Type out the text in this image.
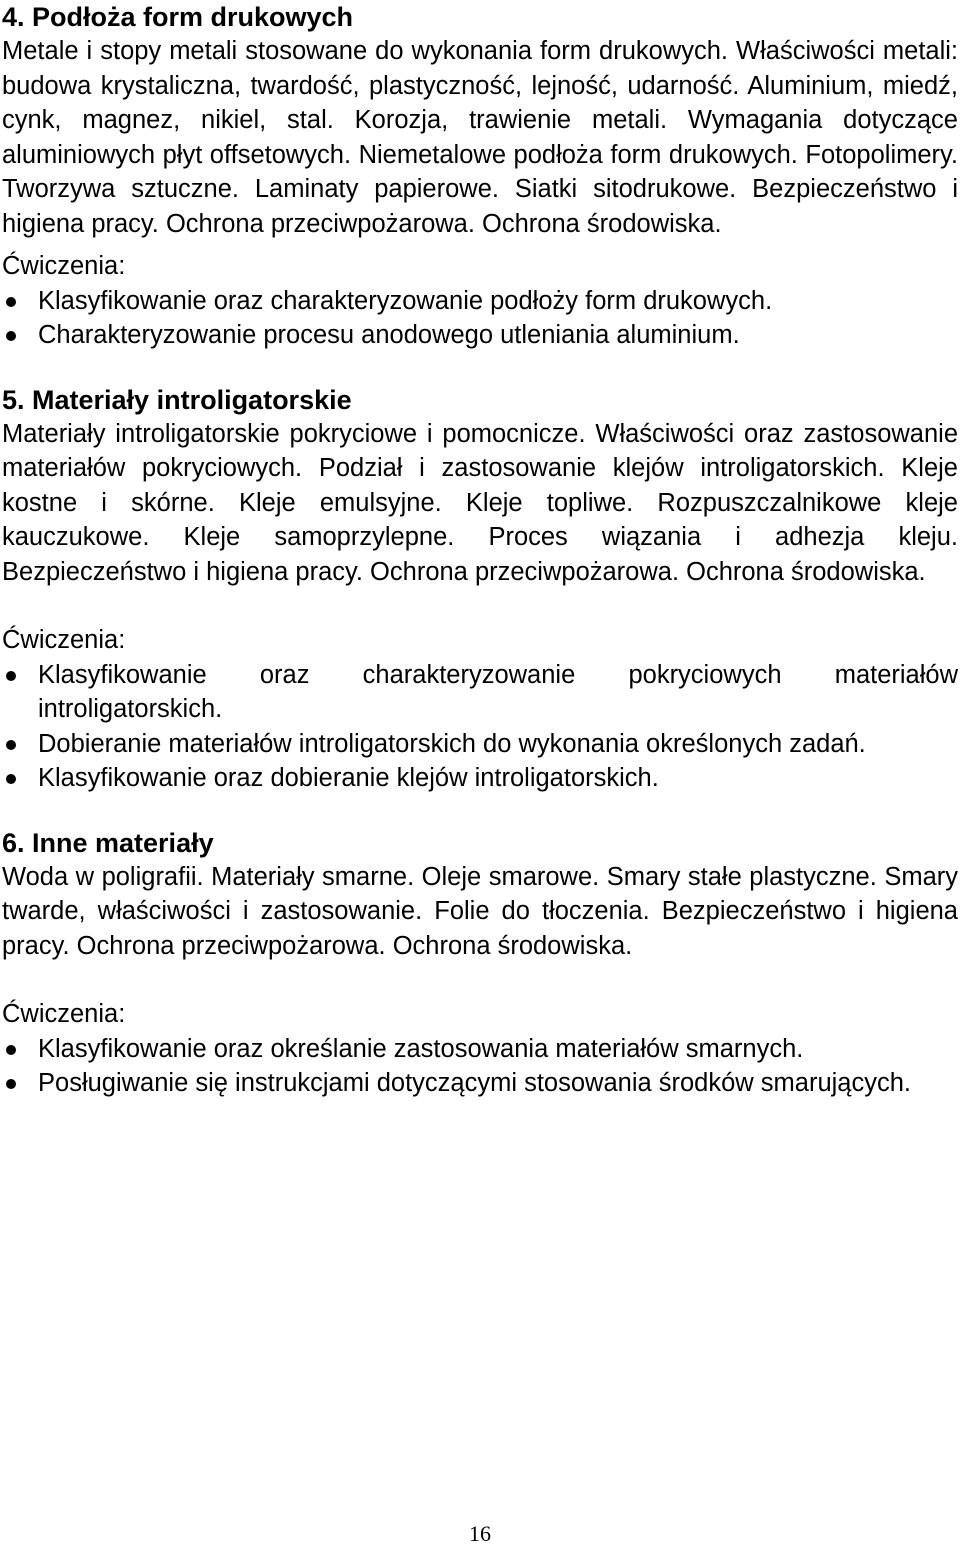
4. Podłoża form drukowych

Metale i stopy metali stosowane do wykonania form drukowych. Właściwości metali: budowa krystaliczna, twardość, plastyczność, lejność, udarność. Aluminium, miedź, cynk, magnez, nikiel, stal. Korozja, trawienie metali. Wymagania dotyczące aluminiowych płyt offsetowych. Niemetalowe podłoża form drukowych. Fotopolimery. Tworzywa sztuczne. Laminaty papierowe. Siatki sitodrukowe. Bezpieczeństwo i higiena pracy. Ochrona przeciwpożarowa. Ochrona środowiska.

Ćwiczenia:

Klasyfikowanie oraz charakteryzowanie podłoży form drukowych.
Charakteryzowanie procesu anodowego utleniania aluminium.
5. Materiały introligatorskie

Materiały introligatorskie pokryciowe i pomocnicze. Właściwości oraz zastosowanie materiałów pokryciowych. Podział i zastosowanie klejów introligatorskich. Kleje kostne i skórne. Kleje emulsyjne. Kleje topliwe. Rozpuszczalnikowe kleje kauczukowe. Kleje samoprzylepne. Proces wiązania i adhezja kleju. Bezpieczeństwo i higiena pracy. Ochrona przeciwpożarowa. Ochrona środowiska.

Ćwiczenia:

Klasyfikowanie oraz charakteryzowanie pokryciowych materiałów introligatorskich.
Dobieranie materiałów introligatorskich do wykonania określonych zadań.
Klasyfikowanie oraz dobieranie klejów introligatorskich.
6. Inne materiały

Woda w poligrafii. Materiały smarne. Oleje smarowe. Smary stałe plastyczne. Smary twarde, właściwości i zastosowanie. Folie do tłoczenia. Bezpieczeństwo i higiena pracy. Ochrona przeciwpożarowa. Ochrona środowiska.

Ćwiczenia:

Klasyfikowanie oraz określanie zastosowania materiałów smarnych.
Posługiwanie się instrukcjami dotyczącymi stosowania środków smarujących.
16
